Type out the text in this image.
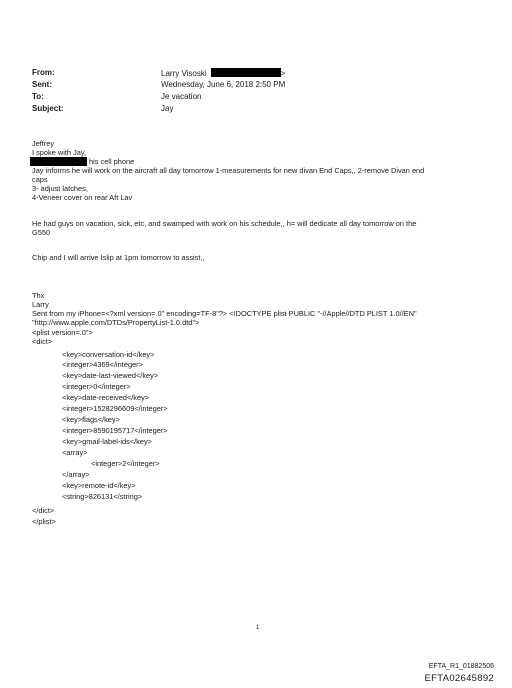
From:	Larry Visoski	>
Sent:	Wednesday, June 6, 2018 2:50 PM
To:	Je vacation
Subject:	Jay
Jeffrey
I spoke with Jay,
his cell phone
Jay informs he will work on the aircraft all day tomorrow 1-measurements for new divan End Caps,, 2-remove Divan end
caps
3- adjust latches,
4-Veneer cover on rear Aft Lav
He had guys on vacation, sick, etc, and swamped with work on his schedule,, h= will dedicate all day tomorrow on the
G550
Chip and I will arrive Islip at 1pm tomorrow to assist.,
Thx
Larry
Sent from my iPhone=<?xml version=.0" encoding=TF-8"?> <!DOCTYPE plist PUBLIC "-//Apple//DTD PLIST 1.0//EN"
"http://www.apple.com/DTDs/PropertyList-1.0.dtd">
<plist version=.0">
<dict>
<key>conversation-id</key>
<integer>4369</integer>
<key>date-last-viewed</key>
<integer>0</integer>
<key>date-received</key>
<integer>1528296609</integer>
<key>flags</key>
<integer>8590195717</integer>
<key>gmail-label-ids</key>
<array>
<integer>2</integer>
</array>
<key>remote-id</key>
<string>826131</string>
</dict>
</plist>
1
EFTA_R1_01882506
EFTA02645892
